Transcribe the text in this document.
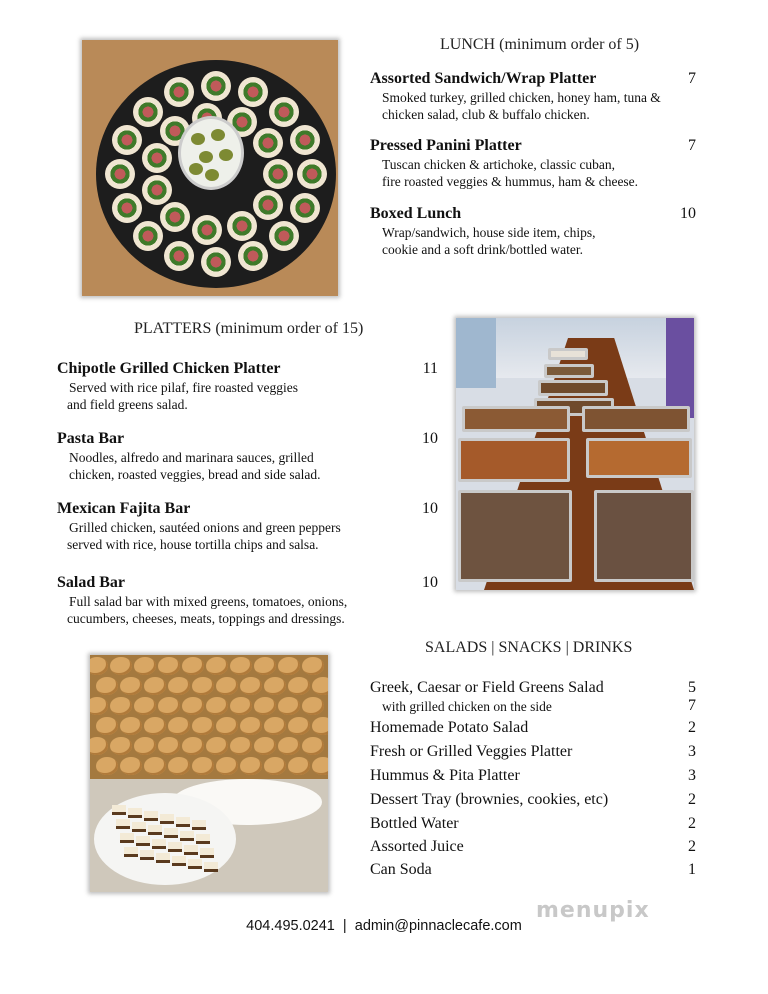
LUNCH (minimum order of 5)
Assorted Sandwich/Wrap Platter	7
Smoked turkey, grilled chicken, honey ham, tuna &
chicken salad, club & buffalo chicken.
Pressed Panini Platter	7
Tuscan chicken & artichoke, classic cuban,
fire roasted veggies & hummus, ham & cheese.
Boxed Lunch	10
Wrap/sandwich, house side item, chips,
cookie and a soft drink/bottled water.
PLATTERS (minimum order of 15)
Chipotle Grilled Chicken Platter	11
Served with rice pilaf, fire roasted veggies
and field greens salad.
Pasta Bar	10
Noodles, alfredo and marinara sauces, grilled
chicken, roasted veggies, bread and side salad.
Mexican Fajita Bar	10
Grilled chicken, sautéed onions and green peppers
served with rice, house tortilla chips and salsa.
Salad Bar	10
Full salad bar with mixed greens, tomatoes, onions,
cucumbers, cheeses, meats, toppings and dressings.
SALADS | SNACKS | DRINKS
Greek, Caesar or Field Greens Salad	5
with grilled chicken on the side	7
Homemade Potato Salad	2
Fresh or Grilled Veggies Platter	3
Hummus & Pita Platter	3
Dessert Tray (brownies, cookies, etc)	2
Bottled Water	2
Assorted Juice	2
Can Soda	1
menupix
404.495.0241  |  admin@pinnaclecafe.com
